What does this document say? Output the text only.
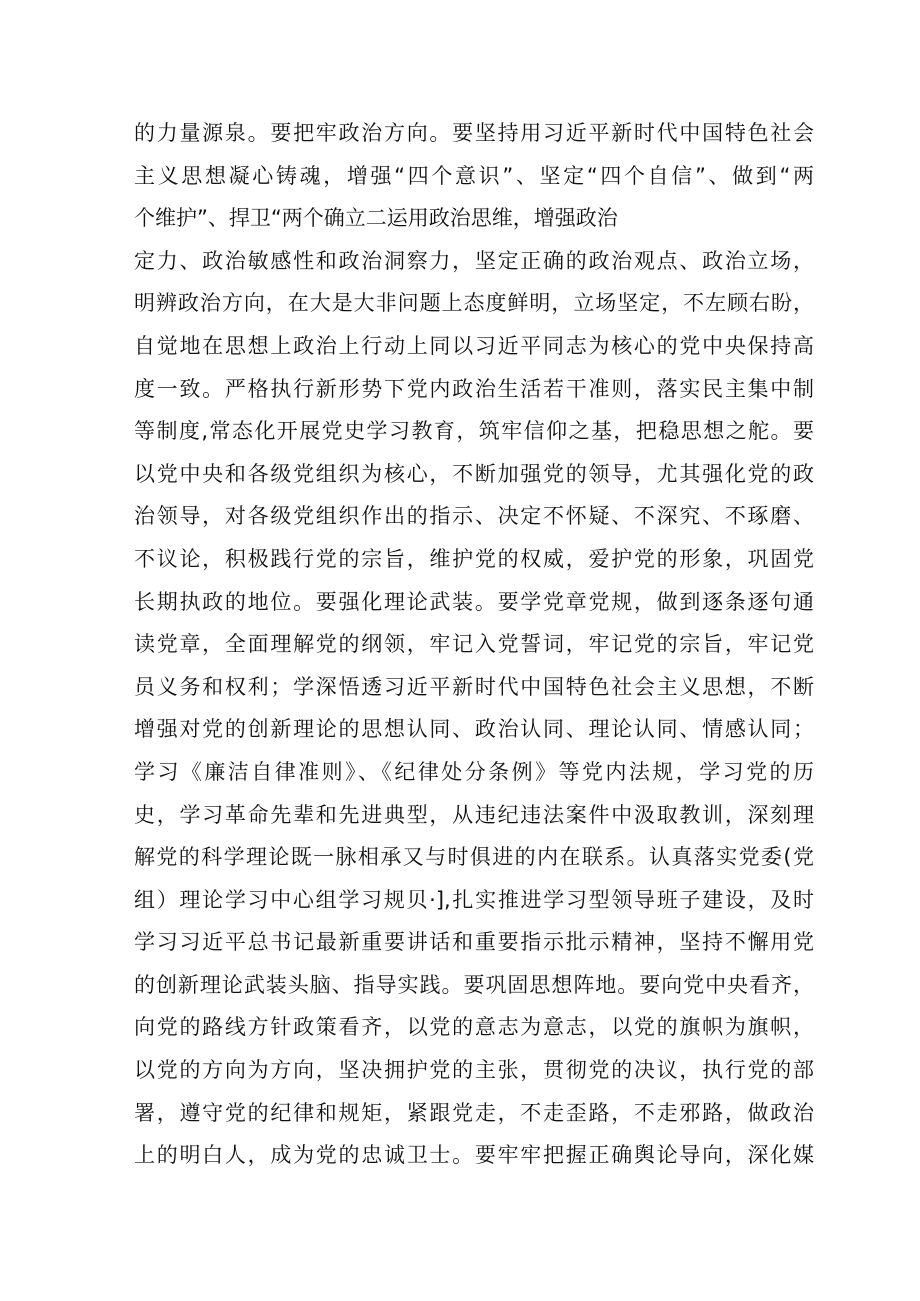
的力量源泉。要把牢政治方向。要坚持用习近平新时代中国特色社会
主义思想凝心铸魂，增强“四个意识”、坚定“四个自信”、做到“两
个维护”、捍卫“两个确立二运用政治思维，增强政治
定力、政治敏感性和政治洞察力，坚定正确的政治观点、政治立场，
明辨政治方向，在大是大非问题上态度鲜明，立场坚定，不左顾右盼，
自觉地在思想上政治上行动上同以习近平同志为核心的党中央保持高
度一致。严格执行新形势下党内政治生活若干准则，落实民主集中制
等制度,常态化开展党史学习教育，筑牢信仰之基，把稳思想之舵。要
以党中央和各级党组织为核心，不断加强党的领导，尤其强化党的政
治领导，对各级党组织作出的指示、决定不怀疑、不深究、不琢磨、
不议论，积极践行党的宗旨，维护党的权威，爱护党的形象，巩固党
长期执政的地位。要强化理论武装。要学党章党规，做到逐条逐句通
读党章，全面理解党的纲领，牢记入党誓词，牢记党的宗旨，牢记党
员义务和权利；学深悟透习近平新时代中国特色社会主义思想，不断
增强对党的创新理论的思想认同、政治认同、理论认同、情感认同；
学习《廉洁自律准则》、《纪律处分条例》等党内法规，学习党的历
史，学习革命先辈和先进典型，从违纪违法案件中汲取教训，深刻理
解党的科学理论既一脉相承又与时俱进的内在联系。认真落实党委(党
组）理论学习中心组学习规贝·],扎实推进学习型领导班子建设，及时
学习习近平总书记最新重要讲话和重要指示批示精神，坚持不懈用党
的创新理论武装头脑、指导实践。要巩固思想阵地。要向党中央看齐，
向党的路线方针政策看齐，以党的意志为意志，以党的旗帜为旗帜，
以党的方向为方向，坚决拥护党的主张，贯彻党的决议，执行党的部
署，遵守党的纪律和规矩，紧跟党走，不走歪路，不走邪路，做政治
上的明白人，成为党的忠诚卫士。要牢牢把握正确舆论导向，深化媒
